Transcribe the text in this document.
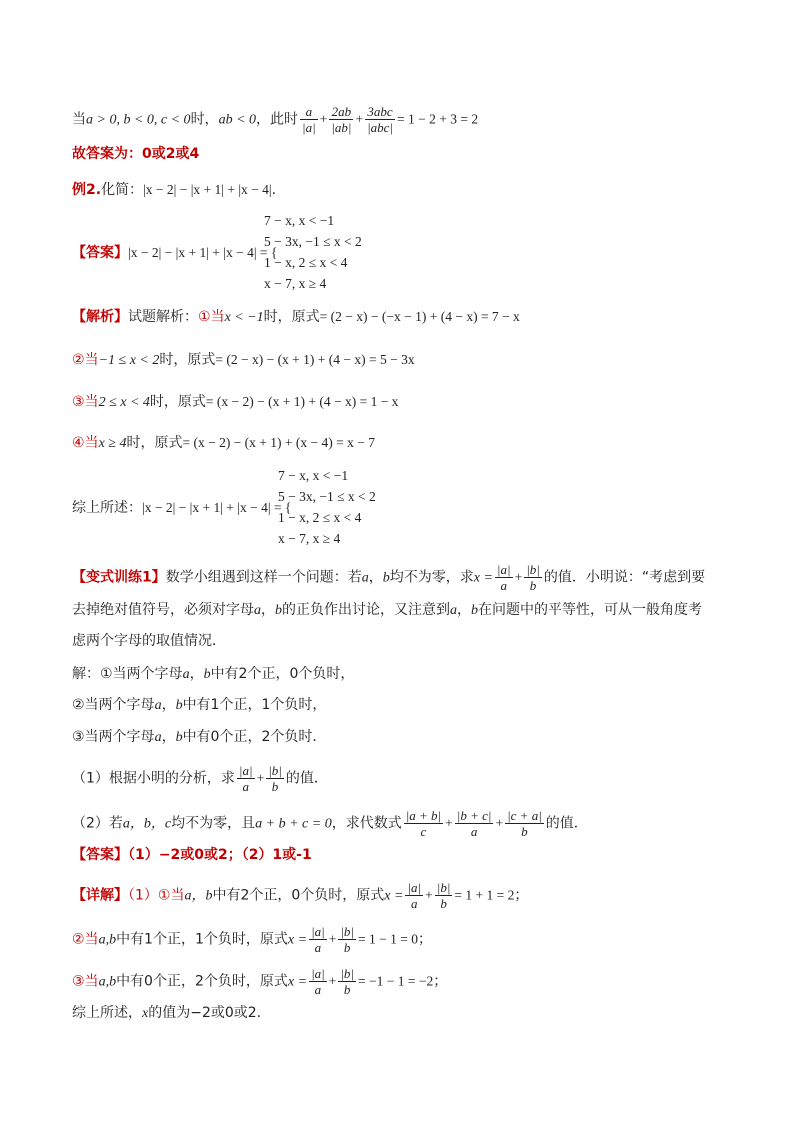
当a > 0, b < 0, c < 0时，ab < 0，此时 $\frac{a}{|a|} + \frac{2ab}{|ab|} + \frac{\text{3abc}}{\text{|abc|}} = 1 - 2 + 3 = 2$
故答案为：0或2或4
例2.化简：|x − 2| − |x + 1| + |x − 4|.
【答案】|x − 2| − |x + 1| + |x − 4| = {
7 − x, x < −1
5 − 3x, −1 ≤ x < 2
1 − x, 2 ≤ x < 4
x − 7, x ≥ 4
【解析】试题解析：①当x < −1时，原式= (2 − x) − (−x − 1) + (4 − x) = 7 − x
②当−1 ≤ x < 2时，原式= (2 − x) − (x + 1) + (4 − x) = 5 − 3x
③当2 ≤ x < 4时，原式= (x − 2) − (x + 1) + (4 − x) = 1 − x
④当x ≥ 4时，原式= (x − 2) − (x + 1) + (x − 4) = x − 7
综上所述：|x − 2| − |x + 1| + |x − 4| = {
7 − x, x < −1
5 − 3x, −1 ≤ x < 2
1 − x, 2 ≤ x < 4
x − 7, x ≥ 4
【变式训练1】数学小组遇到这样一个问题：若a，b均不为零，求$x = \frac{|a|}{a} + \frac{|b|}{b}$ 的值．小明说：“考虑到要
去掉绝对值符号，必须对字母a，b的正负作出讨论，又注意到a，b在问题中的平等性，可从一般角度考
虑两个字母的取值情况．
解：①当两个字母a，b中有2个正，0个负时，
②当两个字母a，b中有1个正，1个负时，
③当两个字母a，b中有0个正，2个负时．
（1）根据小明的分析，求 $\frac{|a|}{a} + \frac{|b|}{b}$ 的值．
（2）若a，b，c均不为零，且a + b + c = 0，求代数式 $\frac{|a + b|}{c} + \frac{|b + c|}{a} + \frac{|c + a|}{b}$ 的值．
【答案】（1）−2或0或2；（2）1或-1
【详解】（1）①当a，b中有2个正，0个负时，原式$x = \frac{|a|}{a} + \frac{|b|}{b} = 1 + 1 = 2$；
②当a,b中有1个正，1个负时，原式$x = \frac{|a|}{a} + \frac{|b|}{b} = 1 - 1 = 0$；
③当a,b中有0个正，2个负时，原式$x = \frac{|a|}{a} + \frac{|b|}{b} = -1 - 1 = -2$；
综上所述，x的值为−2或0或2.
